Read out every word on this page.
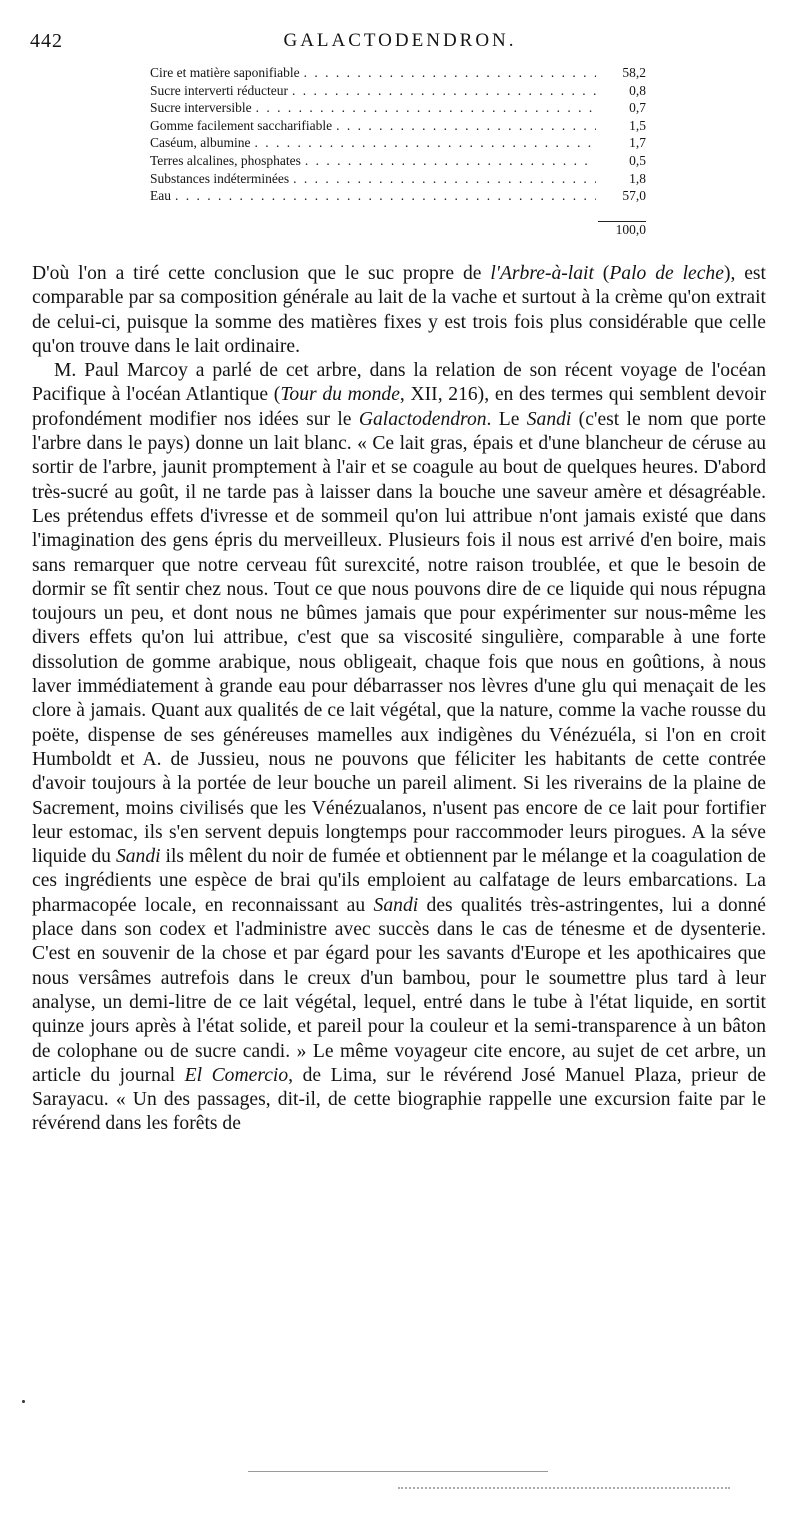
442	GALACTODENDRON.
Cire et matière saponifiable . . .	58,2
Sucre interverti réducteur . . .	0,8
Sucre interversible . . .	0,7
Gomme facilement saccharifiable . . .	1,5
Caséum, albumine . . .	1,7
Terres alcalines, phosphates . . .	0,5
Substances indéterminées . . .	1,8
Eau . . .	57,0
100,0

D'où l'on a tiré cette conclusion que le suc propre de l'Arbre-à-lait (Palo de leche), est comparable par sa composition générale au lait de la vache et surtout à la crème qu'on extrait de celui-ci, puisque la somme des matières fixes y est trois fois plus considérable que celle qu'on trouve dans le lait ordinaire.

M. Paul Marcoy a parlé de cet arbre, dans la relation de son récent voyage de l'océan Pacifique à l'océan Atlantique (Tour du monde, XII, 216), en des termes qui semblent devoir profondément modifier nos idées sur le Galactodendron. Le Sandi (c'est le nom que porte l'arbre dans le pays) donne un lait blanc. « Ce lait gras, épais et d'une blancheur de céruse au sortir de l'arbre, jaunit promptement à l'air et se coagule au bout de quelques heures. D'abord très-sucré au goût, il ne tarde pas à laisser dans la bouche une saveur amère et désagréable. Les prétendus effets d'ivresse et de sommeil qu'on lui attribue n'ont jamais existé que dans l'imagination des gens épris du merveilleux. Plusieurs fois il nous est arrivé d'en boire, mais sans remarquer que notre cerveau fût surexcité, notre raison troublée, et que le besoin de dormir se fît sentir chez nous. Tout ce que nous pouvons dire de ce liquide qui nous répugna toujours un peu, et dont nous ne bûmes jamais que pour expérimenter sur nous-même les divers effets qu'on lui attribue, c'est que sa viscosité singulière, comparable à une forte dissolution de gomme arabique, nous obligeait, chaque fois que nous en goûtions, à nous laver immédiatement à grande eau pour débarrasser nos lèvres d'une glu qui menaçait de les clore à jamais. Quant aux qualités de ce lait végétal, que la nature, comme la vache rousse du poëte, dispense de ses généreuses mamelles aux indigènes du Vénézuéla, si l'on en croit Humboldt et A. de Jussieu, nous ne pouvons que féliciter les habitants de cette contrée d'avoir toujours à la portée de leur bouche un pareil aliment. Si les riverains de la plaine de Sacrement, moins civilisés que les Vénézualanos, n'usent pas encore de ce lait pour fortifier leur estomac, ils s'en servent depuis longtemps pour raccommoder leurs pirogues. A la séve liquide du Sandi ils mêlent du noir de fumée et obtiennent par le mélange et la coagulation de ces ingrédients une espèce de brai qu'ils emploient au calfatage de leurs embarcations. La pharmacopée locale, en reconnaissant au Sandi des qualités très-astringentes, lui a donné place dans son codex et l'administre avec succès dans le cas de ténesme et de dysenterie. C'est en souvenir de la chose et par égard pour les savants d'Europe et les apothicaires que nous versâmes autrefois dans le creux d'un bambou, pour le soumettre plus tard à leur analyse, un demi-litre de ce lait végétal, lequel, entré dans le tube à l'état liquide, en sortit quinze jours après à l'état solide, et pareil pour la couleur et la semi-transparence à un bâton de colophane ou de sucre candi. » Le même voyageur cite encore, au sujet de cet arbre, un article du journal El Comercio, de Lima, sur le révérend José Manuel Plaza, prieur de Sarayacu. « Un des passages, dit-il, de cette biographie rappelle une excursion faite par le révérend dans les forêts de
